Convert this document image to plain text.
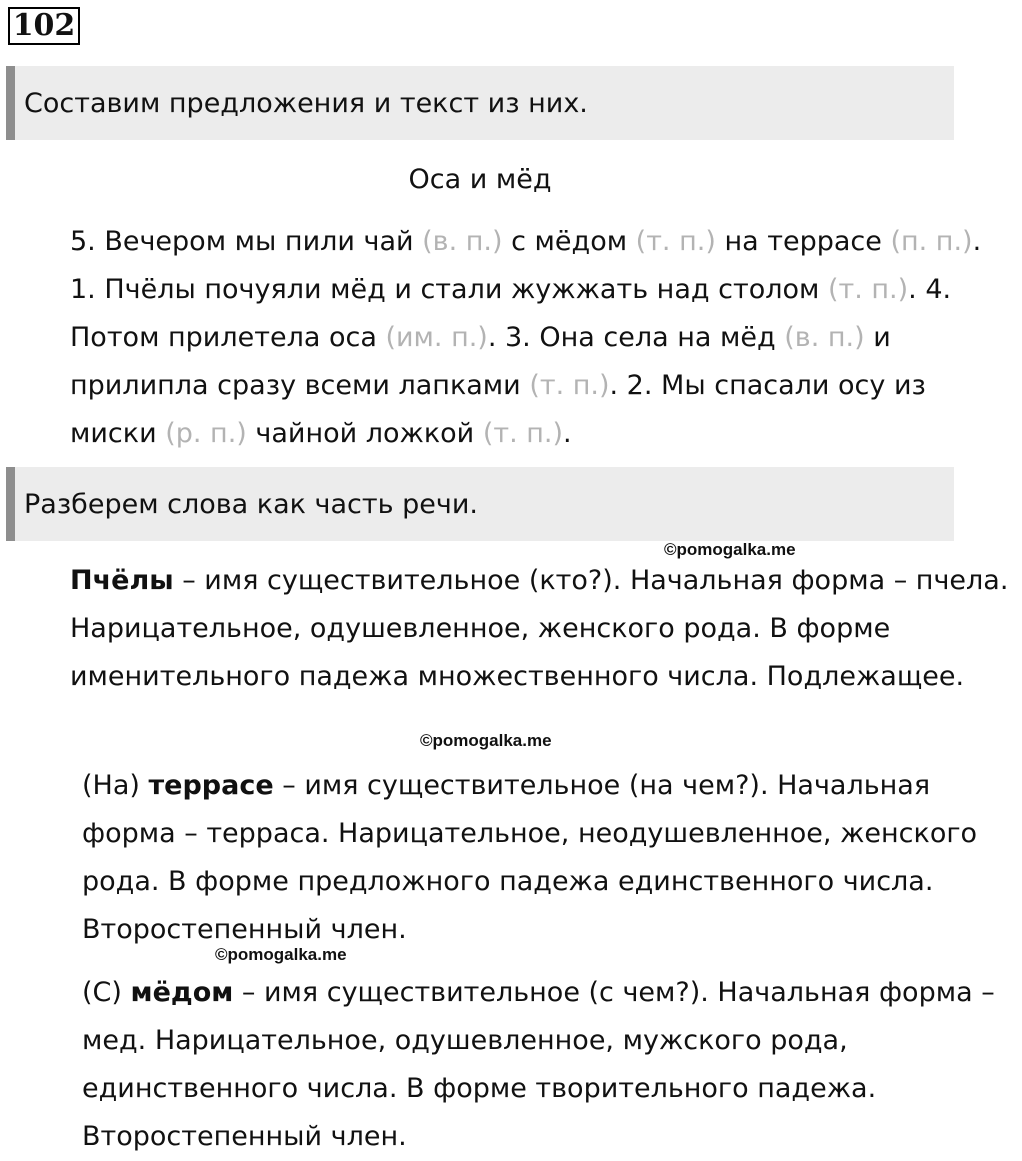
102
Составим предложения и текст из них.
Оса и мёд

5. Вечером мы пили чай (в. п.) с мёдом (т. п.) на террасе (п. п.). 1. Пчёлы почуяли мёд и стали жужжать над столом (т. п.). 4. Потом прилетела оса (им. п.). 3. Она села на мёд (в. п.) и прилипла сразу всеми лапками (т. п.). 2. Мы спасали осу из миски (р. п.) чайной ложкой (т. п.).

Разберем слова как часть речи.
©pomogalka.me

Пчёлы – имя существительное (кто?). Начальная форма – пчела. Нарицательное, одушевленное, женского рода. В форме именительного падежа множественного числа. Подлежащее.

©pomogalka.me

(На) террасе – имя существительное (на чем?). Начальная форма – терраса. Нарицательное, неодушевленное, женского рода. В форме предложного падежа единственного числа. Второстепенный член.

©pomogalka.me

(С) мёдом – имя существительное (с чем?). Начальная форма – мед. Нарицательное, одушевленное, мужского рода, единственного числа. В форме творительного падежа. Второстепенный член.
